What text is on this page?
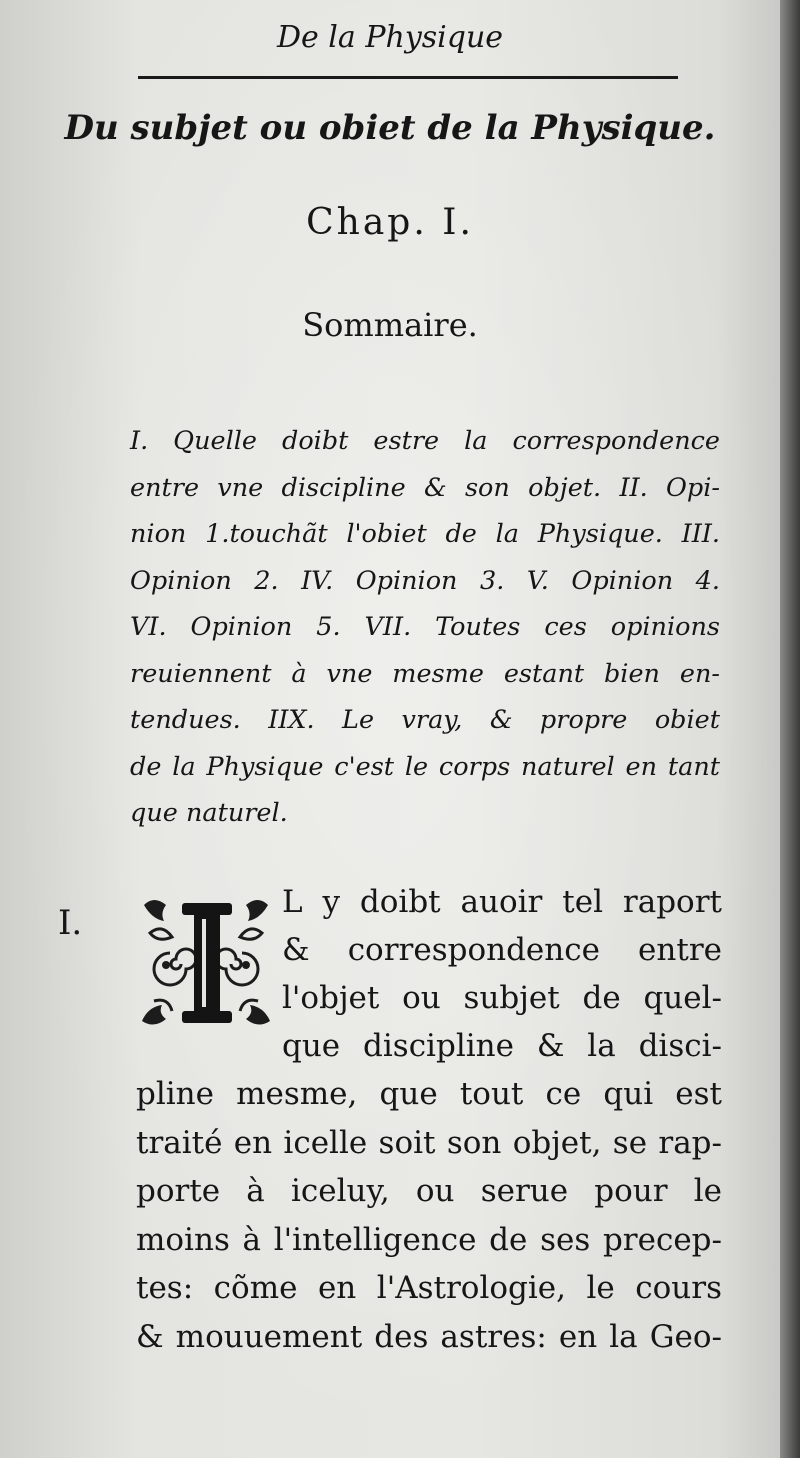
De la Physique
Du subjet ou obiet de la Physique.
Chap. I.
Sommaire.
I. Quelle doibt estre la correspondence
entre vne discipline & son objet. II. Opi-
nion 1.touchãt l'obiet de la Physique. III.
Opinion 2. IV. Opinion 3. V. Opinion 4.
VI. Opinion 5. VII. Toutes ces opinions
reuiennent à vne mesme estant bien en-
tendues. IIX. Le vray, & propre obiet
de la Physique c'est le corps naturel en tant
que naturel.
I.
L y doibt auoir tel raport
& correspondence entre
l'objet ou subjet de quel-
que discipline & la disci-
pline mesme, que tout ce qui est
traité en icelle soit son objet, se rap-
porte à iceluy, ou serue pour le
moins à l'intelligence de ses precep-
tes: cõme en l'Astrologie, le cours
& mouuement des astres: en la Geo-
